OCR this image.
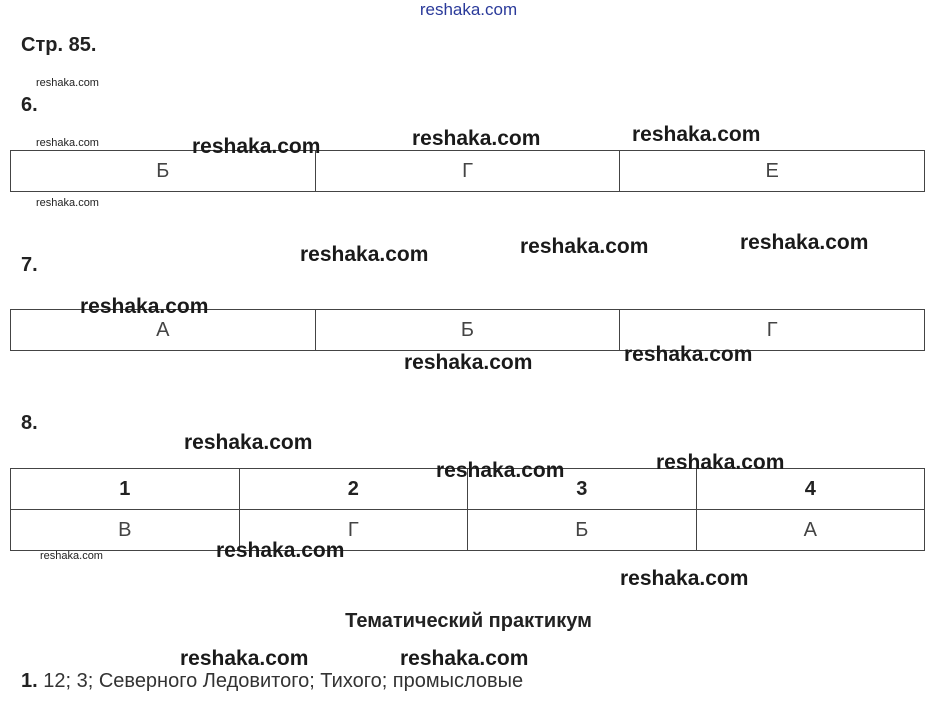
reshaka.com
Стр. 85.
6.
Б	Г	Е
7.
А	Б	Г
8.
1	2	3	4
В	Г	Б	А
Тематический практикум
1. 12; 3; Северного Ледовитого; Тихого; промысловые
reshaka.com
reshaka.com
reshaka.com
reshaka.com
reshaka.com	reshaka.com	reshaka.com
reshaka.com	reshaka.com	reshaka.com
reshaka.com
reshaka.com	reshaka.com
reshaka.com
reshaka.com	reshaka.com
reshaka.com
reshaka.com
reshaka.com	reshaka.com
